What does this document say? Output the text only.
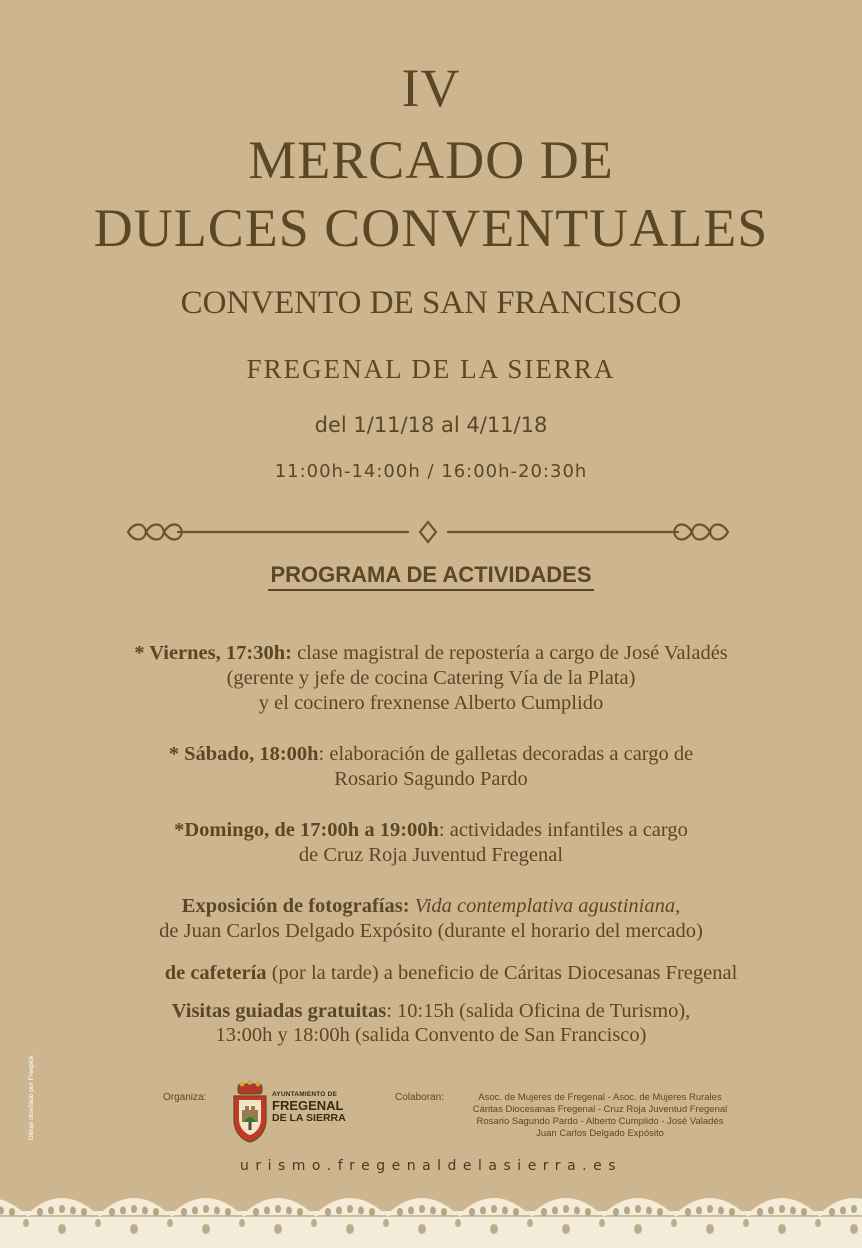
IV
MERCADO DE
DULCES CONVENTUALES
CONVENTO DE SAN FRANCISCO
FREGENAL DE LA SIERRA
del 1/11/18 al 4/11/18
11:00h-14:00h / 16:00h-20:30h
PROGRAMA DE ACTIVIDADES
* Viernes, 17:30h: clase magistral de repostería a cargo de José Valadés
(gerente y jefe de cocina Catering Vía de la Plata)
y el cocinero frexnense Alberto Cumplido
* Sábado, 18:00h: elaboración de galletas decoradas a cargo de
Rosario Sagundo Pardo
*Domingo, de 17:00h a 19:00h: actividades infantiles a cargo
de Cruz Roja Juventud Fregenal
Exposición de fotografías: Vida contemplativa agustiniana,
de Juan Carlos Delgado Expósito (durante el horario del mercado)
de cafetería (por la tarde) a beneficio de Cáritas Diocesanas Fregenal
Visitas guiadas gratuitas: 10:15h (salida Oficina de Turismo),
13:00h y 18:00h (salida Convento de San Francisco)
Dibujo diseñado por Freepick	Organiza:	AYUNTAMIENTO DE
FREGENAL
DE LA SIERRA
Colaboran:	Asoc. de Mujeres de Fregenal - Asoc. de Mujeres Rurales
Cáritas Diocesanas Fregenal - Cruz Roja Juventud Fregenal
Rosario Sagundo Pardo - Alberto Cumplido - José Valadés
Juan Carlos Delgado Expósito
urismo.fregenaldelasierra.es
